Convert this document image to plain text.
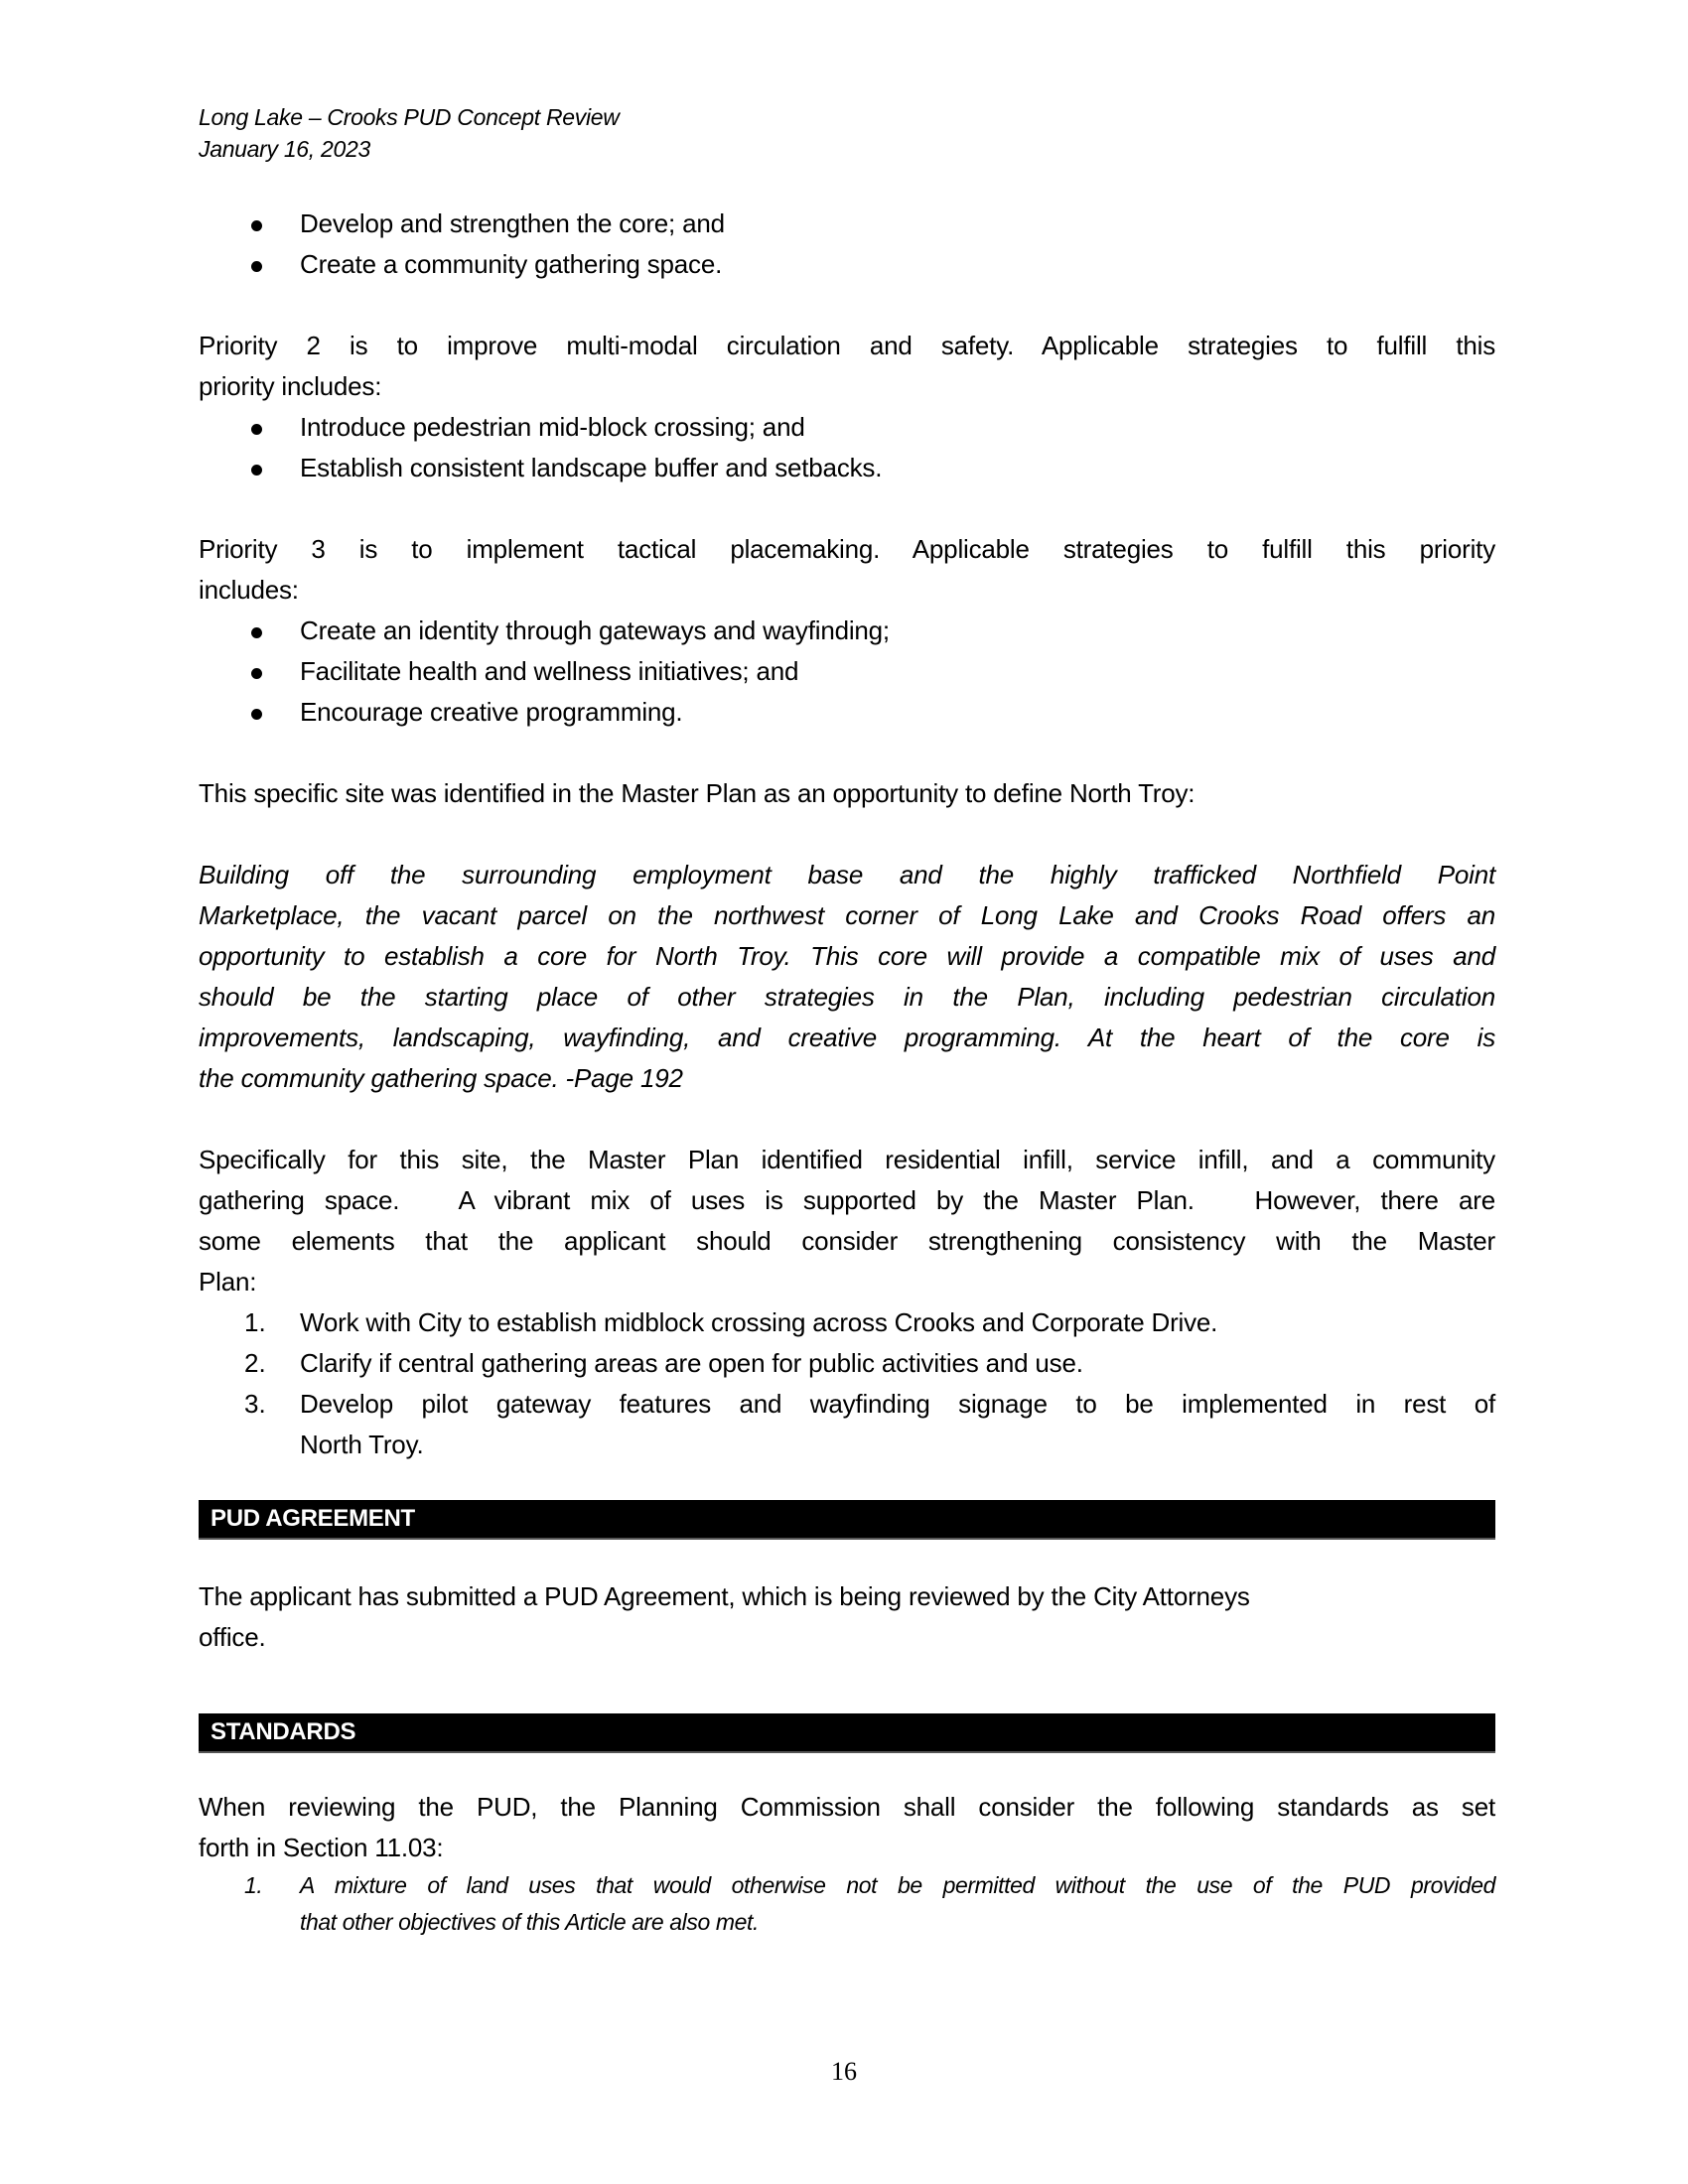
Long Lake – Crooks PUD Concept Review
January 16, 2023
Develop and strengthen the core; and
Create a community gathering space.
Priority 2 is to improve multi-modal circulation and safety. Applicable strategies to fulfill this
priority includes:
Introduce pedestrian mid-block crossing; and
Establish consistent landscape buffer and setbacks.
Priority 3 is to implement tactical placemaking. Applicable strategies to fulfill this priority
includes:
Create an identity through gateways and wayfinding;
Facilitate health and wellness initiatives; and
Encourage creative programming.
This specific site was identified in the Master Plan as an opportunity to define North Troy:
Building off the surrounding employment base and the highly trafficked Northfield Point
Marketplace, the vacant parcel on the northwest corner of Long Lake and Crooks Road offers an
opportunity to establish a core for North Troy. This core will provide a compatible mix of uses and
should be the starting place of other strategies in the Plan, including pedestrian circulation
improvements, landscaping, wayfinding, and creative programming. At the heart of the core is
the community gathering space. -Page 192
Specifically for this site, the Master Plan identified residential infill, service infill, and a community
gathering space.   A vibrant mix of uses is supported by the Master Plan.   However, there are
some elements that the applicant should consider strengthening consistency with the Master
Plan:
1.	Work with City to establish midblock crossing across Crooks and Corporate Drive.
2.	Clarify if central gathering areas are open for public activities and use.
3.	Develop pilot gateway features and wayfinding signage to be implemented in rest of
North Troy.
PUD AGREEMENT
The applicant has submitted a PUD Agreement, which is being reviewed by the City Attorneys
office.
STANDARDS
When reviewing the PUD, the Planning Commission shall consider the following standards as set
forth in Section 11.03:
1.	A mixture of land uses that would otherwise not be permitted without the use of the PUD provided
that other objectives of this Article are also met.
16
